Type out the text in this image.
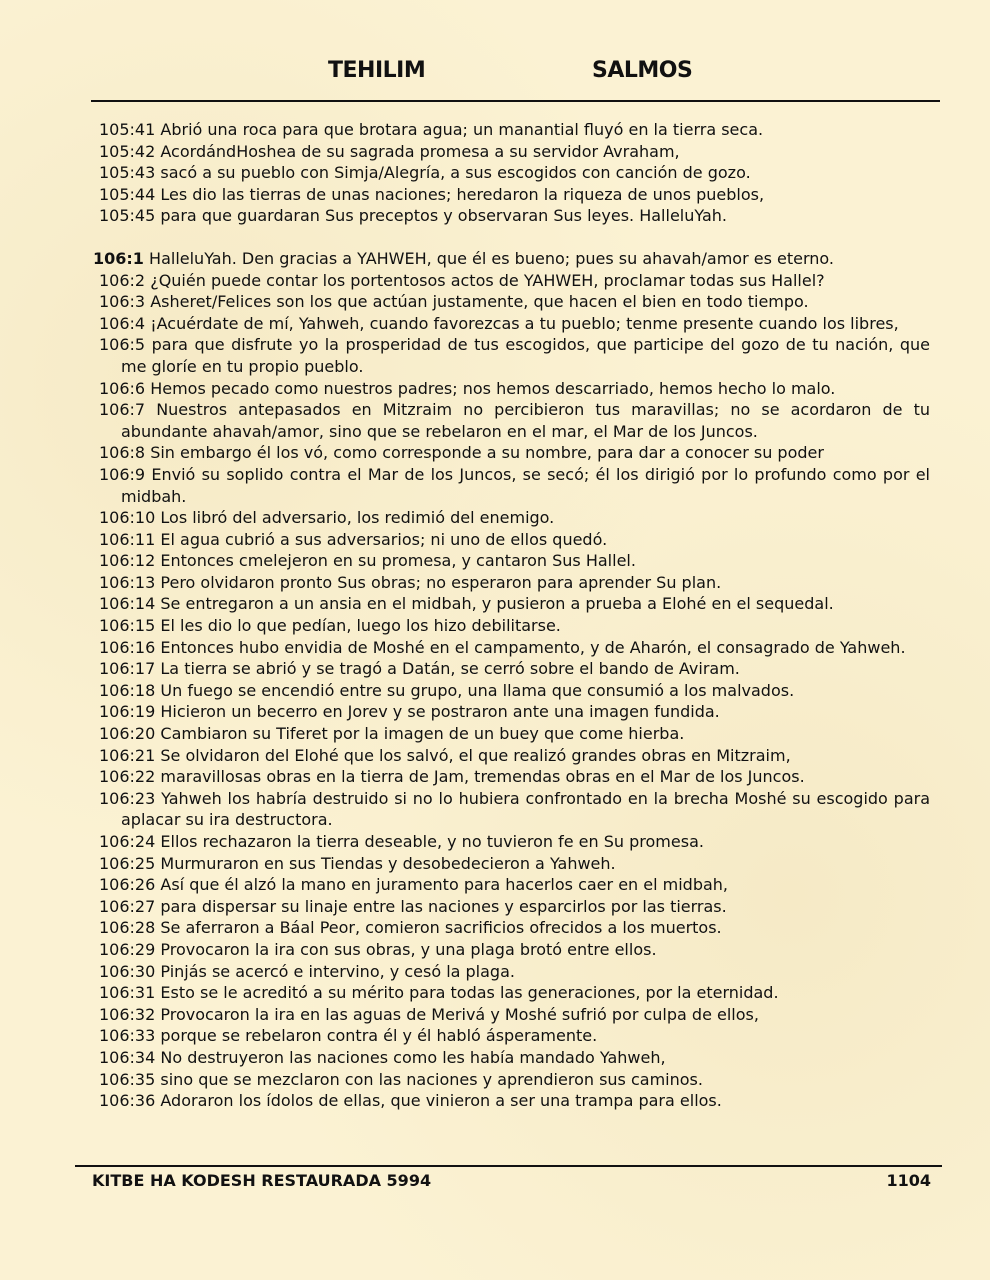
TEHILIM	SALMOS
105:41 Abrió una roca para que brotara agua; un manantial fluyó en la tierra seca.
105:42 AcordándHoshea de su sagrada promesa a su servidor Avraham,
105:43 sacó a su pueblo con Simja/Alegría, a sus escogidos con canción de gozo.
105:44 Les dio las tierras de unas naciones; heredaron la riqueza de unos pueblos,
105:45 para que guardaran Sus preceptos y observaran Sus leyes. HalleluYah.
106:1 HalleluYah. Den gracias a YAHWEH, que él es bueno; pues su ahavah/amor es eterno.
106:2 ¿Quién puede contar los portentosos actos de YAHWEH, proclamar todas sus Hallel?
106:3 Asheret/Felices son los que actúan justamente, que hacen el bien en todo tiempo.
106:4 ¡Acuérdate de mí, Yahweh, cuando favorezcas a tu pueblo; tenme presente cuando los libres,
106:5 para que disfrute yo la prosperidad de tus escogidos, que participe del gozo de tu nación, que me gloríe en tu propio pueblo.
106:6 Hemos pecado como nuestros padres; nos hemos descarriado, hemos hecho lo malo.
106:7 Nuestros antepasados en Mitzraim no percibieron tus maravillas; no se acordaron de tu abundante ahavah/amor, sino que se rebelaron en el mar, el Mar de los Juncos.
106:8 Sin embargo él los vó, como corresponde a su nombre, para dar a conocer su poder
106:9 Envió su soplido contra el Mar de los Juncos, se secó; él los dirigió por lo profundo como por el midbah.
106:10 Los libró del adversario, los redimió del enemigo.
106:11 El agua cubrió a sus adversarios; ni uno de ellos quedó.
106:12 Entonces cmelejeron en su promesa, y cantaron Sus Hallel.
106:13 Pero olvidaron pronto Sus obras; no esperaron para aprender Su plan.
106:14 Se entregaron a un ansia en el midbah, y pusieron a prueba a Elohé en el sequedal.
106:15 El les dio lo que pedían, luego los hizo debilitarse.
106:16 Entonces hubo envidia de Moshé en el campamento, y de Aharón, el consagrado de Yahweh.
106:17 La tierra se abrió y se tragó a Datán, se cerró sobre el bando de Aviram.
106:18 Un fuego se encendió entre su grupo, una llama que consumió a los malvados.
106:19 Hicieron un becerro en Jorev y se postraron ante una imagen fundida.
106:20 Cambiaron su Tiferet por la imagen de un buey que come hierba.
106:21 Se olvidaron del Elohé que los salvó, el que realizó grandes obras en Mitzraim,
106:22 maravillosas obras en la tierra de Jam, tremendas obras en el Mar de los Juncos.
106:23 Yahweh los habría destruido si no lo hubiera confrontado en la brecha Moshé su escogido para aplacar su ira destructora.
106:24 Ellos rechazaron la tierra deseable, y no tuvieron fe en Su promesa.
106:25 Murmuraron en sus Tiendas y desobedecieron a Yahweh.
106:26 Así que él alzó la mano en juramento para hacerlos caer en el midbah,
106:27 para dispersar su linaje entre las naciones y esparcirlos por las tierras.
106:28 Se aferraron a Báal Peor, comieron sacrificios ofrecidos a los muertos.
106:29 Provocaron la ira con sus obras, y una plaga brotó entre ellos.
106:30 Pinjás se acercó e intervino, y cesó la plaga.
106:31 Esto se le acreditó a su mérito para todas las generaciones, por la eternidad.
106:32 Provocaron la ira en las aguas de Merivá y Moshé sufrió por culpa de ellos,
106:33 porque se rebelaron contra él y él habló ásperamente.
106:34 No destruyeron las naciones como les había mandado Yahweh,
106:35 sino que se mezclaron con las naciones y aprendieron sus caminos.
106:36 Adoraron los ídolos de ellas, que vinieron a ser una trampa para ellos.
KITBE HA KODESH RESTAURADA 5994	1104
